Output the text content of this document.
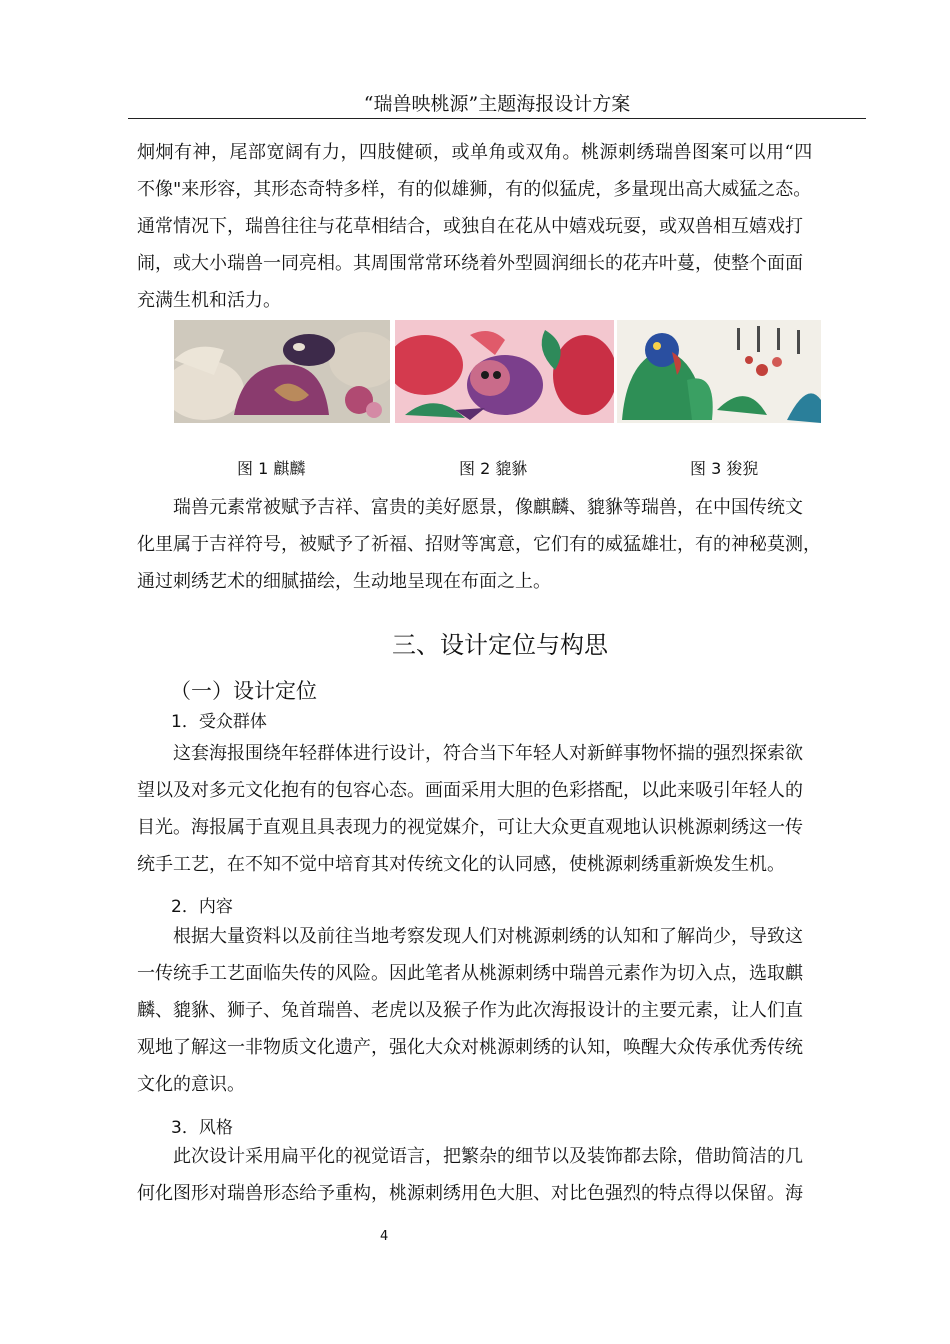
“瑞兽映桃源”主题海报设计方案
炯炯有神，尾部宽阔有力，四肢健硕，或单角或双角。桃源刺绣瑞兽图案可以用“四
不像"来形容，其形态奇特多样，有的似雄狮，有的似猛虎，多量现出高大威猛之态。
通常情况下，瑞兽往往与花草相结合，或独自在花从中嬉戏玩耍，或双兽相互嬉戏打
闹，或大小瑞兽一同亮相。其周围常常环绕着外型圆润细长的花卉叶蔓，使整个面面
充满生机和活力。
图 1 麒麟	图 2 貔貅	图 3 狻猊
瑞兽元素常被赋予吉祥、富贵的美好愿景，像麒麟、貔貅等瑞兽，在中国传统文
化里属于吉祥符号，被赋予了祈福、招财等寓意，它们有的威猛雄壮，有的神秘莫测，
通过刺绣艺术的细腻描绘，生动地呈现在布面之上。
三、设计定位与构思
（一）设计定位
1．受众群体
这套海报围绕年轻群体进行设计，符合当下年轻人对新鲜事物怀揣的强烈探索欲
望以及对多元文化抱有的包容心态。画面采用大胆的色彩搭配，以此来吸引年轻人的
目光。海报属于直观且具表现力的视觉媒介，可让大众更直观地认识桃源刺绣这一传
统手工艺，在不知不觉中培育其对传统文化的认同感，使桃源刺绣重新焕发生机。
2．内容
根据大量资料以及前往当地考察发现人们对桃源刺绣的认知和了解尚少，导致这
一传统手工艺面临失传的风险。因此笔者从桃源刺绣中瑞兽元素作为切入点，选取麒
麟、貔貅、狮子、兔首瑞兽、老虎以及猴子作为此次海报设计的主要元素，让人们直
观地了解这一非物质文化遗产，强化大众对桃源刺绣的认知，唤醒大众传承优秀传统
文化的意识。
3．风格
此次设计采用扁平化的视觉语言，把繁杂的细节以及装饰都去除，借助简洁的几
何化图形对瑞兽形态给予重构，桃源刺绣用色大胆、对比色强烈的特点得以保留。海
4
